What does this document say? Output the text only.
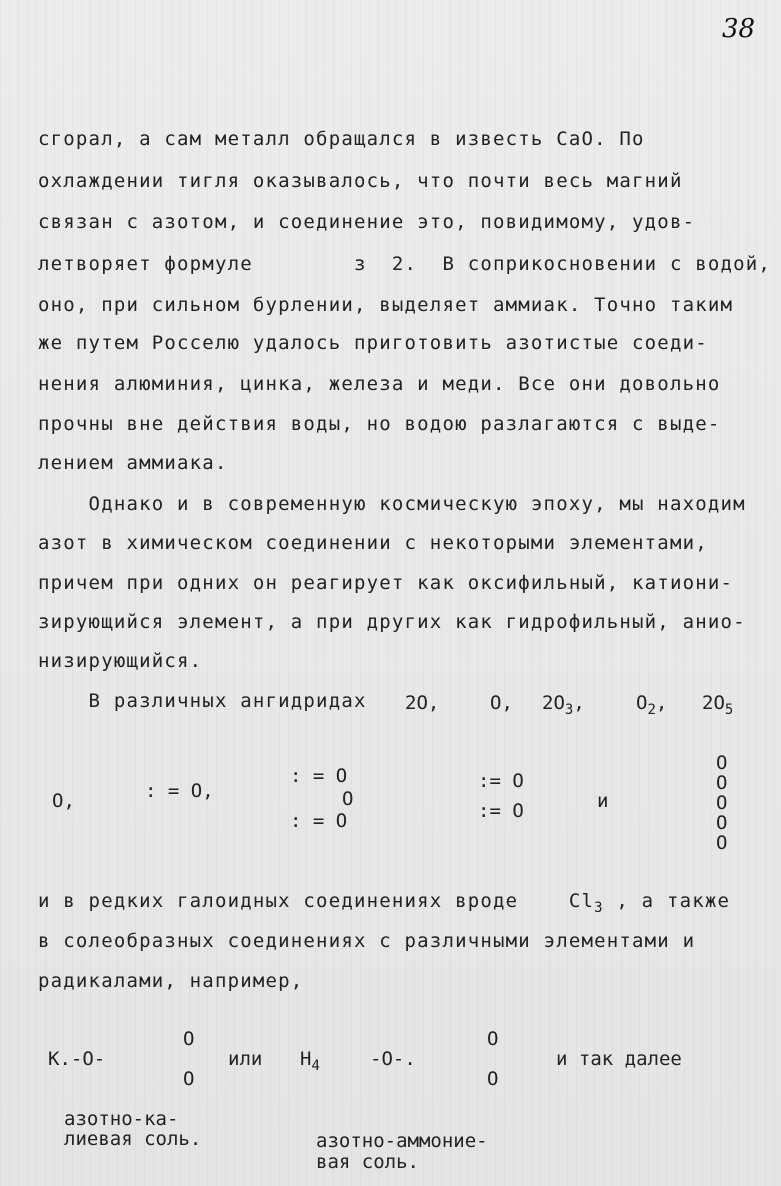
38
сгорал, а сам металл обращался в известь СаО. По
охлаждении тигля оказывалось, что почти весь магний
связан с азотом, и соединение это, повидимому, удов-
летворяет формуле        з  2.  В соприкосновении с водой,
оно, при сильном бурлении, выделяет аммиак. Точно таким
же путем Росселю удалось приготовить азотистые соеди-
нения алюминия, цинка, железа и меди. Все они довольно
прочны вне действия воды, но водою разлагаются с выде-
лением аммиака.
Однако и в современную космическую эпоху, мы находим
азот в химическом соединении с некоторыми элементами,
причем при одних он реагирует как оксифильный, катиони-
зирующийся элемент, а при других как гидрофильный, анио-
низирующийся.
В различных ангидридах 2O,	O, $2O_3$,	$O_2$, $2O_5$
O,	: = O,
: = O
O
: = O
:= O
:= O	и
O
O
O
O
O
и в редких галоидных соединениях вроде    $Cl_3$ , а также
в солеобразных соединениях с различными элементами и
радикалами, например,
O
К.-О-
O
или $H_4$	-O-.
O
O
и так далее
азотно-ка-
лиевая соль.	азотно-аммоние-
вая соль.
